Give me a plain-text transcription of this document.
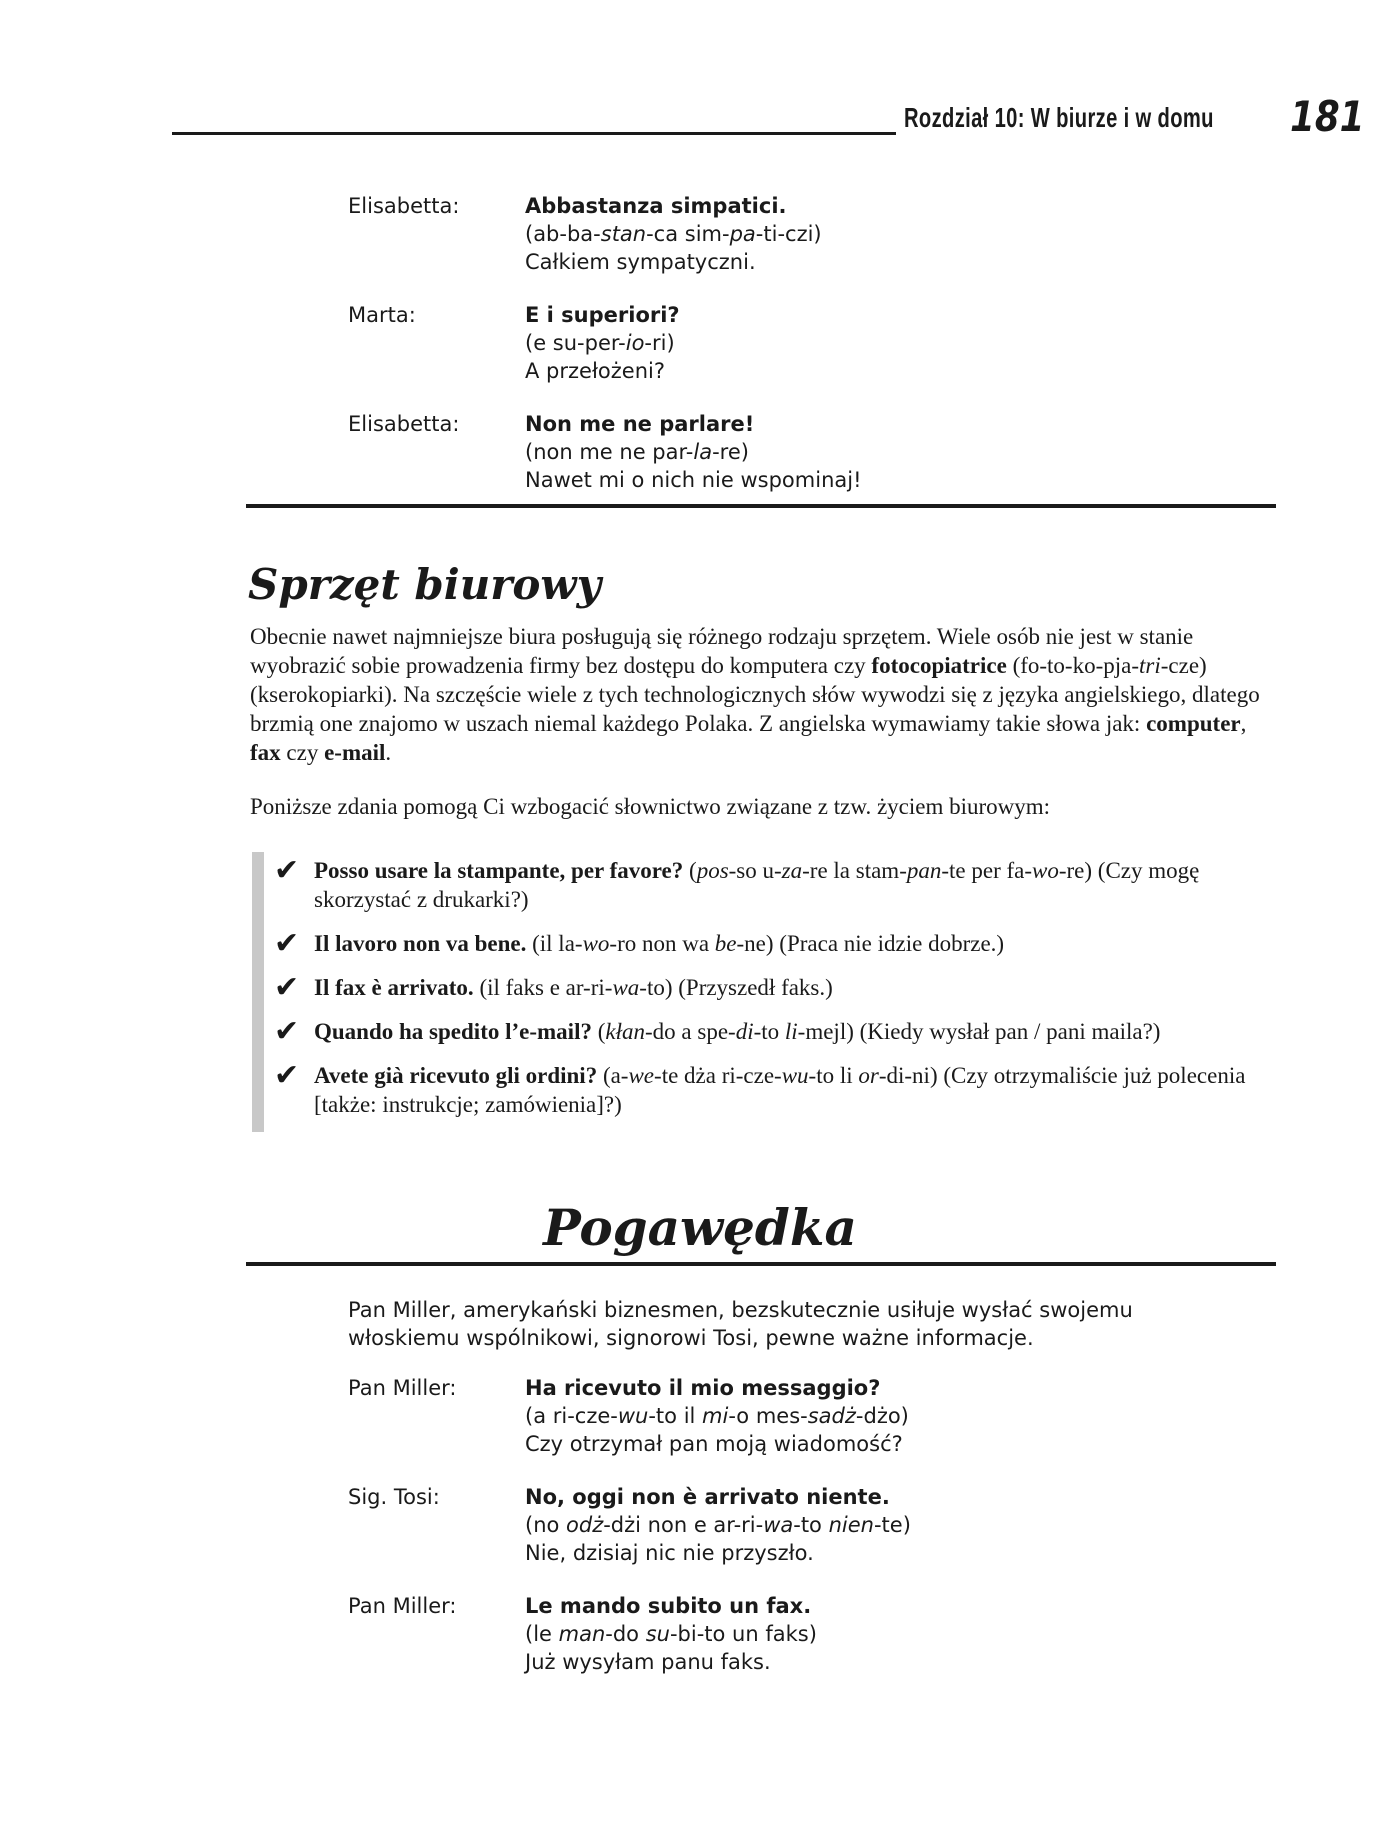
Rozdział 10: W biurze i w domu 181
Elisabetta:	Abbastanza simpatici.
(ab-ba-stan-ca sim-pa-ti-czi)
Całkiem sympatyczni.
Marta:	E i superiori?
(e su-per-io-ri)
A przełożeni?
Elisabetta:	Non me ne parlare!
(non me ne par-la-re)
Nawet mi o nich nie wspominaj!
Sprzęt biurowy
Obecnie nawet najmniejsze biura posługują się różnego rodzaju sprzętem. Wiele osób nie jest w stanie wyobrazić sobie prowadzenia firmy bez dostępu do komputera czy fotocopiatrice (fo-to-ko-pja-tri-cze) (kserokopiarki). Na szczęście wiele z tych technologicznych słów wywodzi się z języka angielskiego, dlatego brzmią one znajomo w uszach niemal każdego Polaka. Z angielska wymawiamy takie słowa jak: computer, fax czy e-mail.
Poniższe zdania pomogą Ci wzbogacić słownictwo związane z tzw. życiem biurowym:
✔ Posso usare la stampante, per favore? (pos-so u-za-re la stam-pan-te per fa-wo-re) (Czy mogę skorzystać z drukarki?)
✔ Il lavoro non va bene. (il la-wo-ro non wa be-ne) (Praca nie idzie dobrze.)
✔ Il fax è arrivato. (il faks e ar-ri-wa-to) (Przyszedł faks.)
✔ Quando ha spedito l’e-mail? (kłan-do a spe-di-to li-mejl) (Kiedy wysłał pan / pani maila?)
✔ Avete già ricevuto gli ordini? (a-we-te dża ri-cze-wu-to li or-di-ni) (Czy otrzymaliście już polecenia [także: instrukcje; zamówienia]?)
Pogawędka
Pan Miller, amerykański biznesmen, bezskutecznie usiłuje wysłać swojemu włoskiemu wspólnikowi, signorowi Tosi, pewne ważne informacje.
Pan Miller:	Ha ricevuto il mio messaggio?
(a ri-cze-wu-to il mi-o mes-sadż-dżo)
Czy otrzymał pan moją wiadomość?
Sig. Tosi:	No, oggi non è arrivato niente.
(no odż-dżi non e ar-ri-wa-to nien-te)
Nie, dzisiaj nic nie przyszło.
Pan Miller:	Le mando subito un fax.
(le man-do su-bi-to un faks)
Już wysyłam panu faks.
